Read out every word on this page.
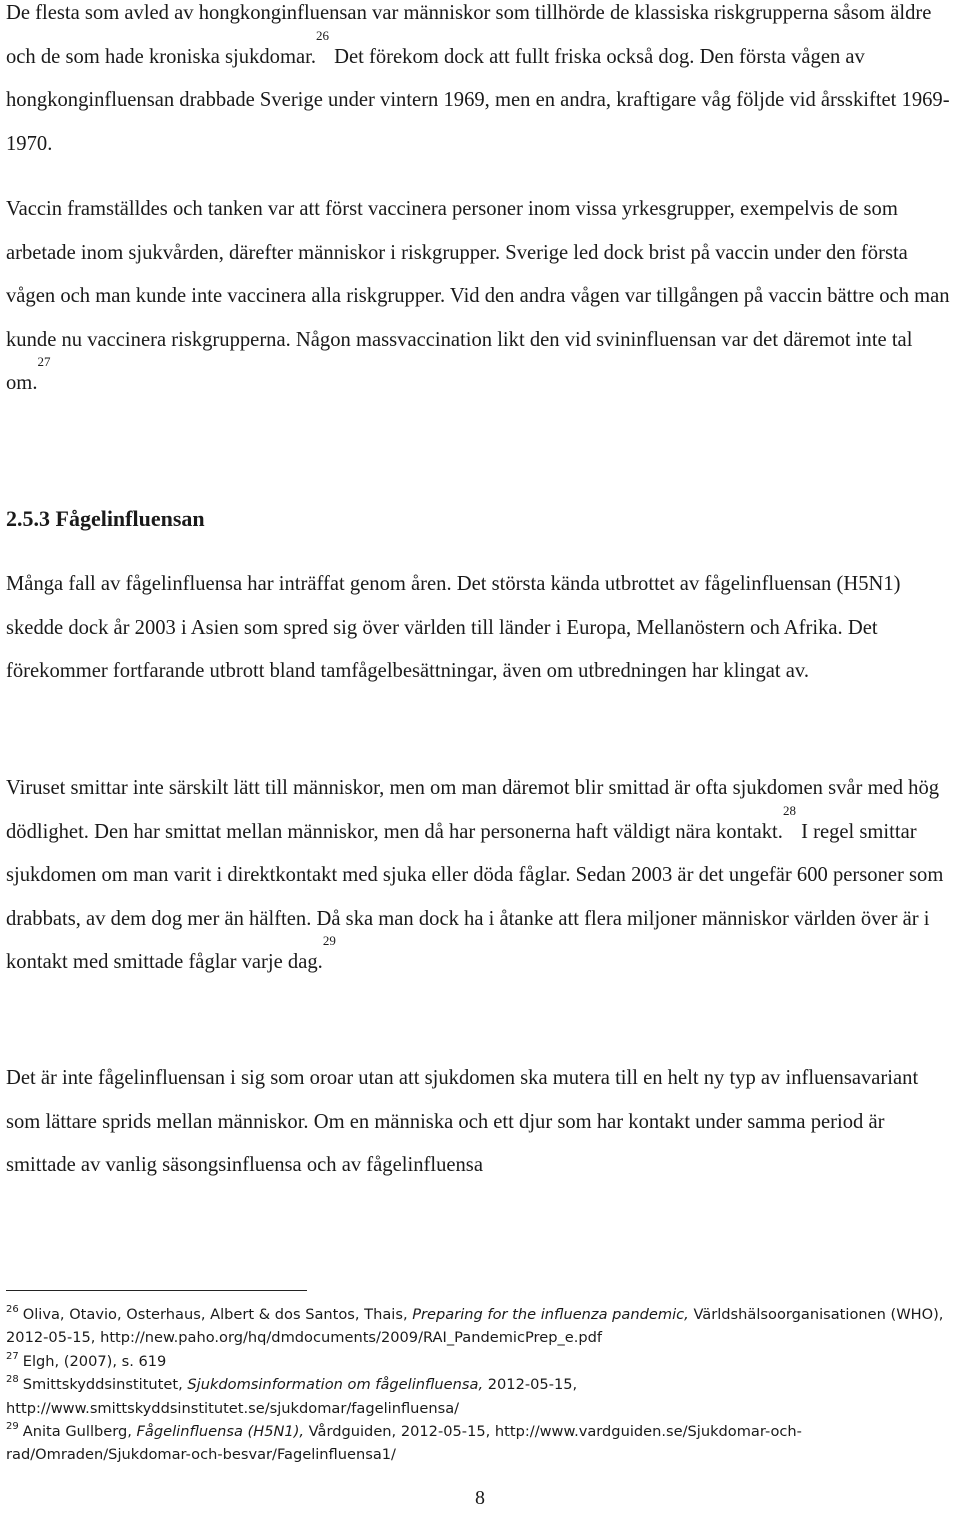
De flesta som avled av hongkonginfluensan var människor som tillhörde de klassiska riskgrupperna såsom äldre och de som hade kroniska sjukdomar.$^{26}$ Det förekom dock att fullt friska också dog. Den första vågen av hongkonginfluensan drabbade Sverige under vintern 1969, men en andra, kraftigare våg följde vid årsskiftet 1969-1970.

Vaccin framställdes och tanken var att först vaccinera personer inom vissa yrkesgrupper, exempelvis de som arbetade inom sjukvården, därefter människor i riskgrupper. Sverige led dock brist på vaccin under den första vågen och man kunde inte vaccinera alla riskgrupper. Vid den andra vågen var tillgången på vaccin bättre och man kunde nu vaccinera riskgrupperna. Någon massvaccination likt den vid svininfluensan var det däremot inte tal om.$^{27}$

2.5.3 Fågelinfluensan

Många fall av fågelinfluensa har inträffat genom åren. Det största kända utbrottet av fågelinfluensan (H5N1) skedde dock år 2003 i Asien som spred sig över världen till länder i Europa, Mellanöstern och Afrika. Det förekommer fortfarande utbrott bland tamfågelbesättningar, även om utbredningen har klingat av.

Viruset smittar inte särskilt lätt till människor, men om man däremot blir smittad är ofta sjukdomen svår med hög dödlighet. Den har smittat mellan människor, men då har personerna haft väldigt nära kontakt.$^{28}$ I regel smittar sjukdomen om man varit i direktkontakt med sjuka eller döda fåglar. Sedan 2003 är det ungefär 600 personer som drabbats, av dem dog mer än hälften. Då ska man dock ha i åtanke att flera miljoner människor världen över är i kontakt med smittade fåglar varje dag.$^{29}$

Det är inte fågelinfluensan i sig som oroar utan att sjukdomen ska mutera till en helt ny typ av influensavariant som lättare sprids mellan människor. Om en människa och ett djur som har kontakt under samma period är smittade av vanlig säsongsinfluensa och av fågelinfluensa

$^{26}$ Oliva, Otavio, Osterhaus, Albert & dos Santos, Thais, Preparing for the influenza pandemic, Världshälsoorganisationen (WHO), 2012-05-15, http://new.paho.org/hq/dmdocuments/2009/RAI_PandemicPrep_e.pdf

$^{27}$ Elgh, (2007), s. 619

$^{28}$ Smittskyddsinstitutet, Sjukdomsinformation om fågelinfluensa, 2012-05-15, http://www.smittskyddsinstitutet.se/sjukdomar/fagelinfluensa/

$^{29}$ Anita Gullberg, Fågelinfluensa (H5N1), Vårdguiden, 2012-05-15, http://www.vardguiden.se/Sjukdomar-och-rad/Omraden/Sjukdomar-och-besvar/Fagelinfluensa1/

8
